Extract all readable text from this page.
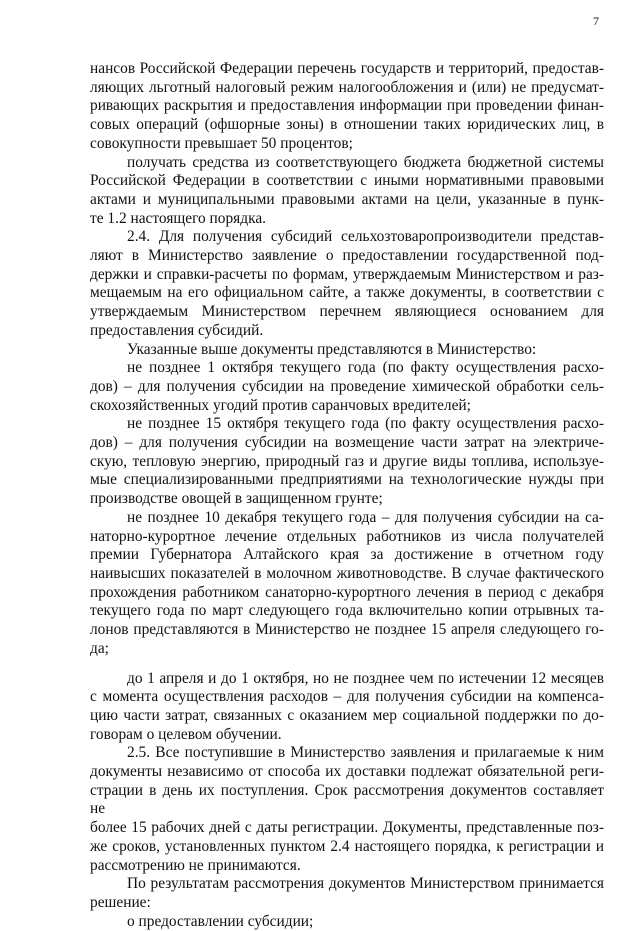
7
нансов Российской Федерации перечень государств и территорий, предостав-
ляющих льготный налоговый режим налогообложения и (или) не предусмат-
ривающих раскрытия и предоставления информации при проведении финан-
совых операций (офшорные зоны) в отношении таких юридических лиц, в
совокупности превышает 50 процентов;
получать средства из соответствующего бюджета бюджетной системы
Российской Федерации в соответствии с иными нормативными правовыми
актами и муниципальными правовыми актами на цели, указанные в пунк-
те 1.2 настоящего порядка.
2.4. Для получения субсидий сельхозтоваропроизводители представ-
ляют в Министерство заявление о предоставлении государственной под-
держки и справки-расчеты по формам, утверждаемым Министерством и раз-
мещаемым на его официальном сайте, а также документы, в соответствии с
утверждаемым Министерством перечнем являющиеся основанием для
предоставления субсидий.
Указанные выше документы представляются в Министерство:
не позднее 1 октября текущего года (по факту осуществления расхо-
дов) – для получения субсидии на проведение химической обработки сель-
скохозяйственных угодий против саранчовых вредителей;
не позднее 15 октября текущего года (по факту осуществления расхо-
дов) – для получения субсидии на возмещение части затрат на электриче-
скую, тепловую энергию, природный газ и другие виды топлива, используе-
мые специализированными предприятиями на технологические нужды при
производстве овощей в защищенном грунте;
не позднее 10 декабря текущего года – для получения субсидии на са-
наторно-курортное лечение отдельных работников из числа получателей
премии Губернатора Алтайского края за достижение в отчетном году
наивысших показателей в молочном животноводстве. В случае фактического
прохождения работником санаторно-курортного лечения в период с декабря
текущего года по март следующего года включительно копии отрывных та-
лонов представляются в Министерство не позднее 15 апреля следующего го-
да;
до 1 апреля и до 1 октября, но не позднее чем по истечении 12 месяцев
с момента осуществления расходов – для получения субсидии на компенса-
цию части затрат, связанных с оказанием мер социальной поддержки по до-
говорам о целевом обучении.
2.5. Все поступившие в Министерство заявления и прилагаемые к ним
документы независимо от способа их доставки подлежат обязательной реги-
страции в день их поступления. Срок рассмотрения документов составляет не
более 15 рабочих дней с даты регистрации. Документы, представленные поз-
же сроков, установленных пунктом 2.4 настоящего порядка, к регистрации и
рассмотрению не принимаются.
По результатам рассмотрения документов Министерством принимается
решение:
о предоставлении субсидии;
